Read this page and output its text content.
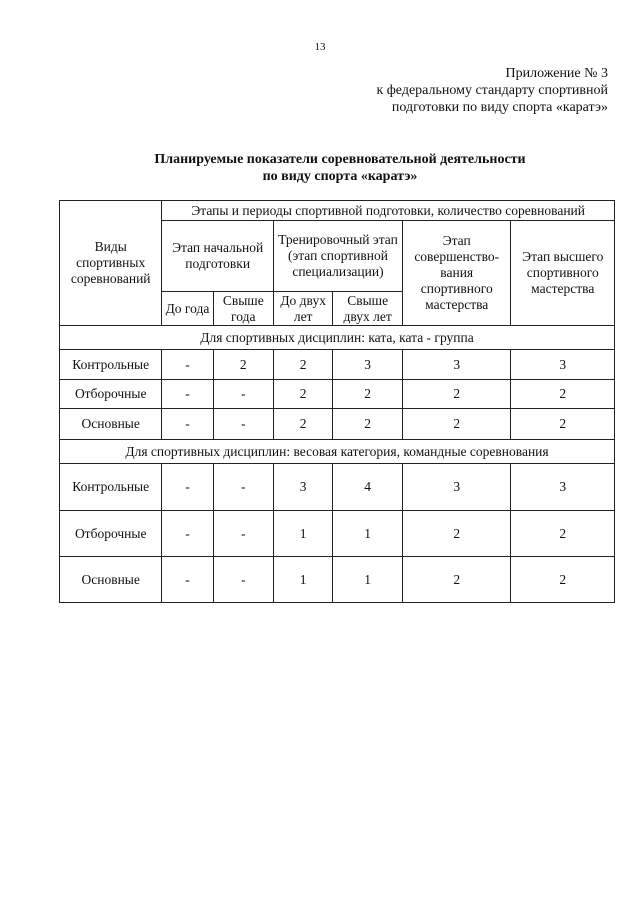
13
Приложение № 3
к федеральному стандарту спортивной
подготовки по виду спорта «каратэ»
Планируемые показатели соревновательной деятельности
по виду спорта «каратэ»
Виды спортивных соревнований	Этапы и периоды спортивной подготовки, количество соревнований					
	Этап начальной подготовки		Тренировочный этап (этап спортивной специализации)		Этап совершенство-вания спортивного мастерства	Этап высшего спортивного мастерства
	До года	Свыше года	До двух лет	Свыше двух лет		
Для спортивных дисциплин: ката, ката - группа						
Контрольные	-	2	2	3	3	3
Отборочные	-	-	2	2	2	2
Основные	-	-	2	2	2	2
Для спортивных дисциплин: весовая категория, командные соревнования						
Контрольные	-	-	3	4	3	3
Отборочные	-	-	1	1	2	2
Основные	-	-	1	1	2	2
